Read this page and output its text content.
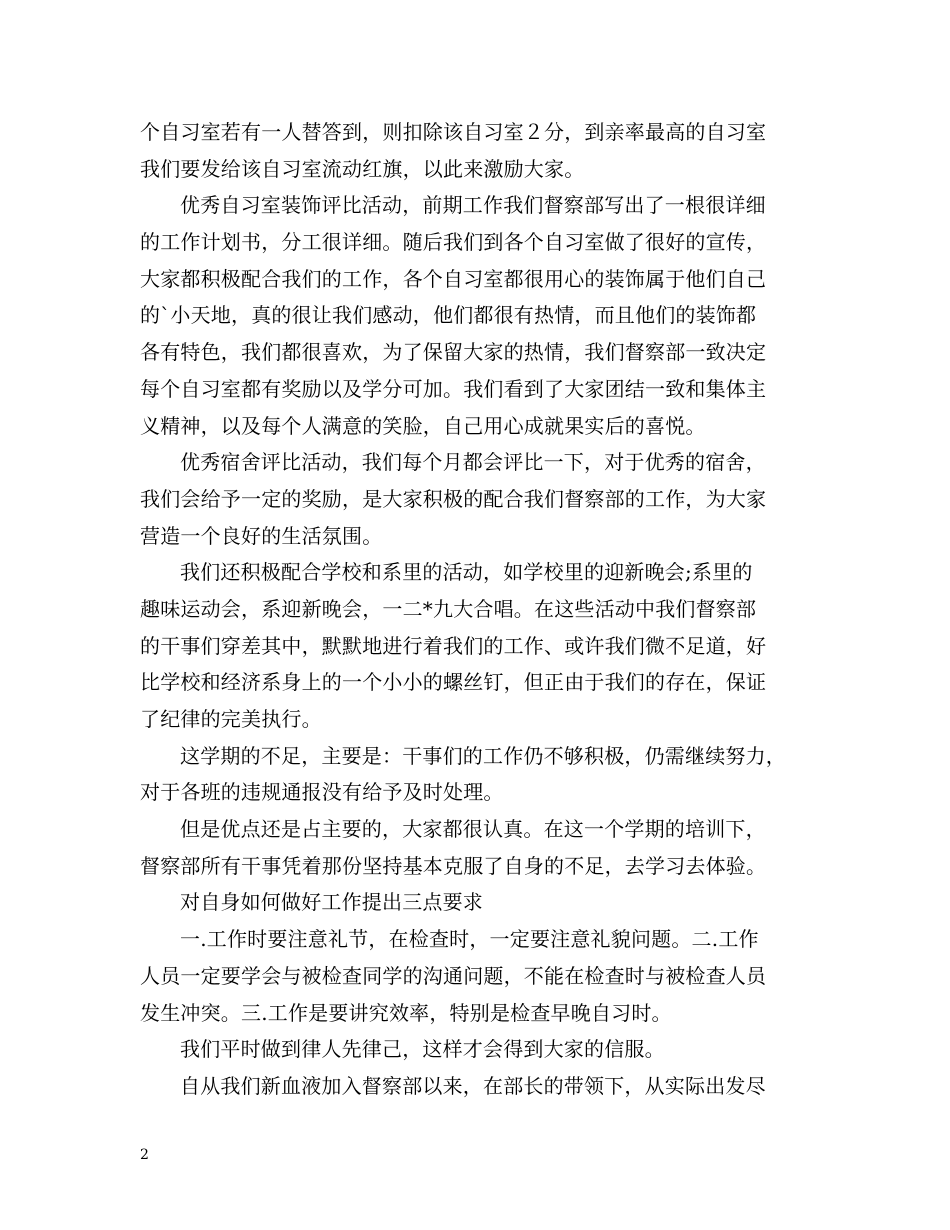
个自习室若有一人替答到，则扣除该自习室２分，到亲率最高的自习室
我们要发给该自习室流动红旗，以此来激励大家。
优秀自习室装饰评比活动，前期工作我们督察部写出了一根很详细
的工作计划书，分工很详细。随后我们到各个自习室做了很好的宣传，
大家都积极配合我们的工作，各个自习室都很用心的装饰属于他们自己
的`小天地，真的很让我们感动，他们都很有热情，而且他们的装饰都
各有特色，我们都很喜欢，为了保留大家的热情，我们督察部一致决定
每个自习室都有奖励以及学分可加。我们看到了大家团结一致和集体主
义精神，以及每个人满意的笑脸，自己用心成就果实后的喜悦。
优秀宿舍评比活动，我们每个月都会评比一下，对于优秀的宿舍，
我们会给予一定的奖励，是大家积极的配合我们督察部的工作，为大家
营造一个良好的生活氛围。
我们还积极配合学校和系里的活动，如学校里的迎新晚会;系里的
趣味运动会，系迎新晚会，一二*九大合唱。在这些活动中我们督察部
的干事们穿差其中，默默地进行着我们的工作、或许我们微不足道，好
比学校和经济系身上的一个小小的螺丝钉，但正由于我们的存在，保证
了纪律的完美执行。
这学期的不足，主要是：干事们的工作仍不够积极，仍需继续努力，
对于各班的违规通报没有给予及时处理。
但是优点还是占主要的，大家都很认真。在这一个学期的培训下，
督察部所有干事凭着那份坚持基本克服了自身的不足，去学习去体验。
对自身如何做好工作提出三点要求
一.工作时要注意礼节，在检查时，一定要注意礼貌问题。二.工作
人员一定要学会与被检查同学的沟通问题，不能在检查时与被检查人员
发生冲突。三.工作是要讲究效率，特别是检查早晚自习时。
我们平时做到律人先律己，这样才会得到大家的信服。
自从我们新血液加入督察部以来，在部长的带领下，从实际出发尽
2
